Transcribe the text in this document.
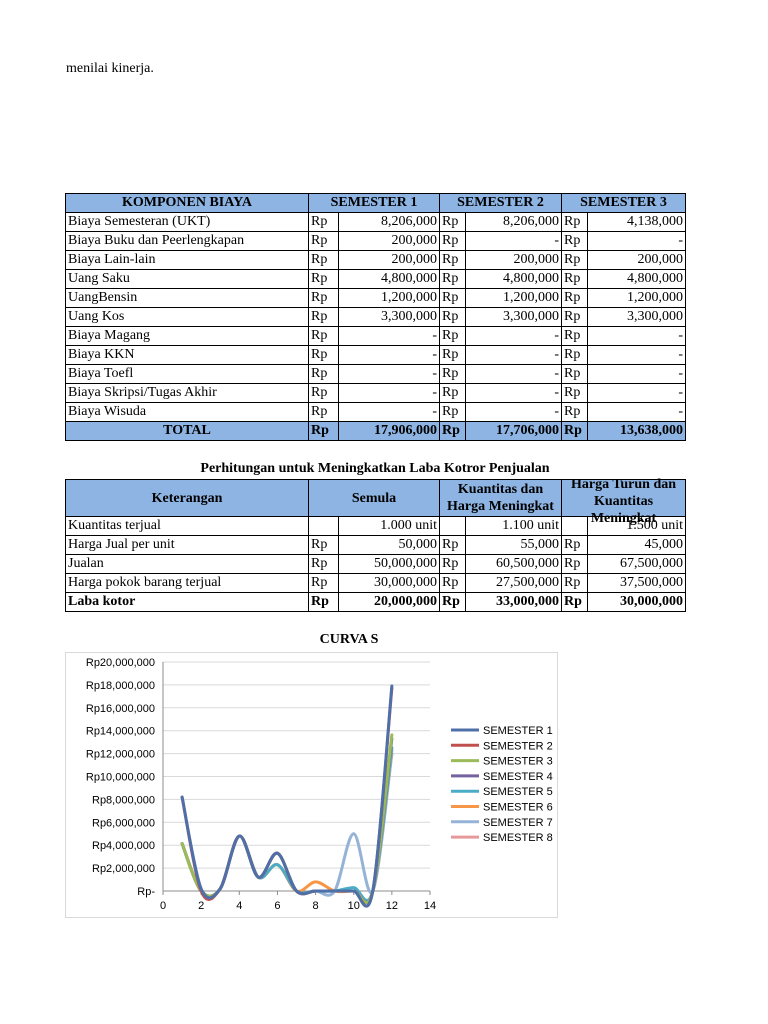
menilai kinerja.
KOMPONEN BIAYA	SEMESTER 1		SEMESTER 2		SEMESTER 3	
Biaya Semesteran (UKT)	Rp	8,206,000	Rp	8,206,000	Rp	4,138,000
Biaya Buku dan Peerlengkapan	Rp	200,000	Rp	-	Rp	-
Biaya Lain-lain	Rp	200,000	Rp	200,000	Rp	200,000
Uang Saku	Rp	4,800,000	Rp	4,800,000	Rp	4,800,000
UangBensin	Rp	1,200,000	Rp	1,200,000	Rp	1,200,000
Uang Kos	Rp	3,300,000	Rp	3,300,000	Rp	3,300,000
Biaya Magang	Rp	-	Rp	-	Rp	-
Biaya KKN	Rp	-	Rp	-	Rp	-
Biaya Toefl	Rp	-	Rp	-	Rp	-
Biaya Skripsi/Tugas Akhir	Rp	-	Rp	-	Rp	-
Biaya Wisuda	Rp	-	Rp	-	Rp	-
TOTAL	Rp	17,906,000	Rp	17,706,000	Rp	13,638,000
Perhitungan untuk Meningkatkan Laba Kotror Penjualan
Keterangan	Semula		Kuantitas dan Harga Meningkat		Harga Turun dan Kuantitas Meningkat	

Kuantitas terjual		1.000 unit		1.100 unit		1.500 unit
Harga Jual per unit	Rp	50,000	Rp	55,000	Rp	45,000
Jualan	Rp	50,000,000	Rp	60,500,000	Rp	67,500,000
Harga pokok barang terjual	Rp	30,000,000	Rp	27,500,000	Rp	37,500,000
Laba kotor	Rp	20,000,000	Rp	33,000,000	Rp	30,000,000
CURVA S
Rp-
Rp2,000,000
Rp4,000,000
Rp6,000,000
Rp8,000,000
Rp10,000,000
Rp12,000,000
Rp14,000,000
Rp16,000,000
Rp18,000,000
Rp20,000,000
0	2	4	6	8	10 12 14
SEMESTER 1
SEMESTER 2
SEMESTER 3
SEMESTER 4
SEMESTER 5
SEMESTER 6
SEMESTER 7
SEMESTER 8
